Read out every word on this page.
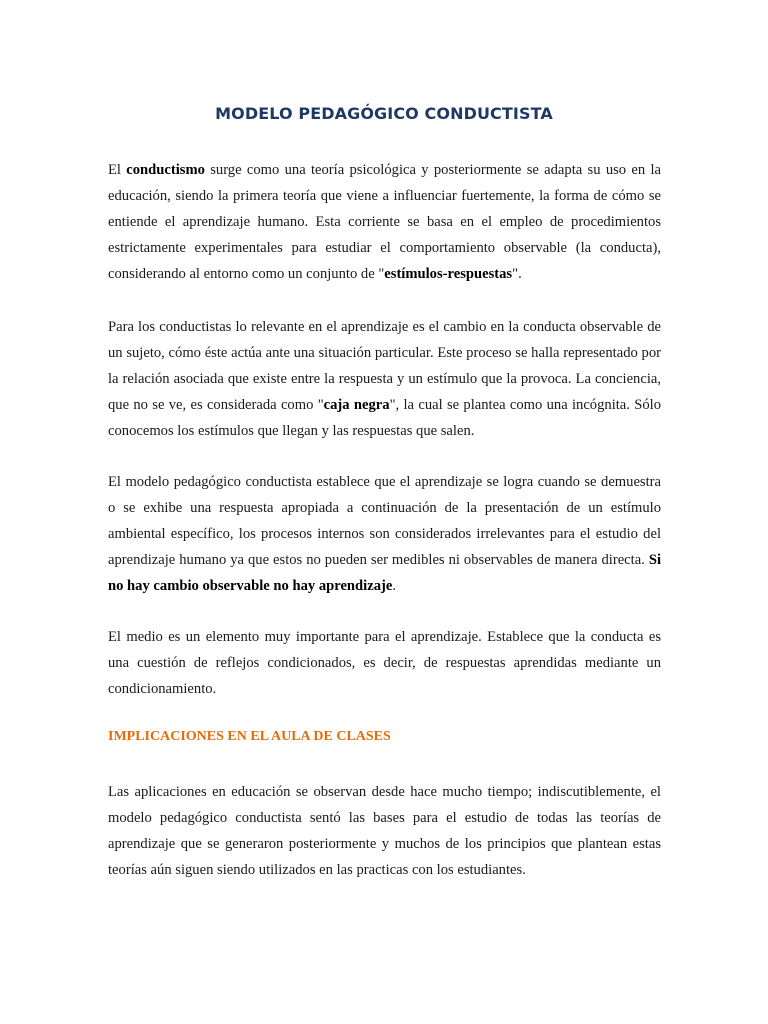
MODELO PEDAGÓGICO CONDUCTISTA

El conductismo surge como una teoría psicológica y posteriormente se adapta su uso en la educación, siendo la primera teoría que viene a influenciar fuertemente, la forma de cómo se entiende el aprendizaje humano. Esta corriente se basa en el empleo de procedimientos estrictamente experimentales para estudiar el comportamiento observable (la conducta), considerando al entorno como un conjunto de "estímulos-respuestas".

Para los conductistas lo relevante en el aprendizaje es el cambio en la conducta observable de un sujeto, cómo éste actúa ante una situación particular. Este proceso se halla representado por la relación asociada que existe entre la respuesta y un estímulo que la provoca. La conciencia, que no se ve, es considerada como "caja negra", la cual se plantea como una incógnita. Sólo conocemos los estímulos que llegan y las respuestas que salen.

El modelo pedagógico conductista establece que el aprendizaje se logra cuando se demuestra o se exhibe una respuesta apropiada a continuación de la presentación de un estímulo ambiental específico, los procesos internos son considerados irrelevantes para el estudio del aprendizaje humano ya que estos no pueden ser medibles ni observables de manera directa. Si no hay cambio observable no hay aprendizaje.

El medio es un elemento muy importante para el aprendizaje. Establece que la conducta es una cuestión de reflejos condicionados, es decir, de respuestas aprendidas mediante un condicionamiento.

IMPLICACIONES EN EL AULA DE CLASES

Las aplicaciones en educación se observan desde hace mucho tiempo; indiscutiblemente, el modelo pedagógico conductista sentó las bases para el estudio de todas las teorías de aprendizaje que se generaron posteriormente y muchos de los principios que plantean estas teorías aún siguen siendo utilizados en las practicas con los estudiantes.
